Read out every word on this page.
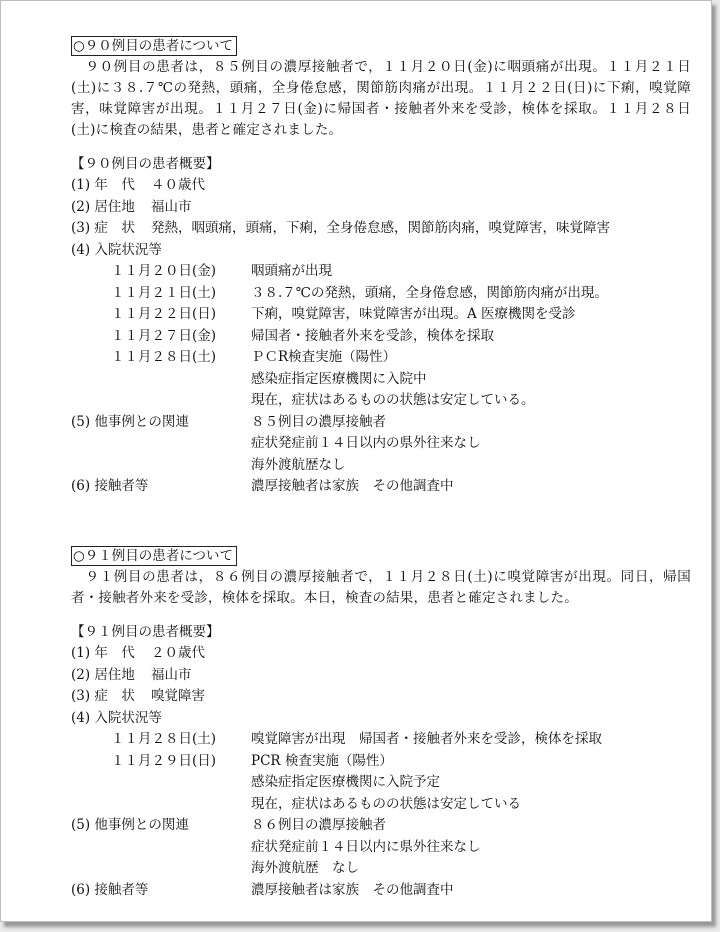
○９０例目の患者について

９０例目の患者は，８５例目の濃厚接触者で，１１月２０日(金)に咽頭痛が出現。１１月２１日(土)に３８.７℃の発熱，頭痛，全身倦怠感，関節筋肉痛が出現。１１月２２日(日)に下痢，嗅覚障害，味覚障害が出現。１１月２７日(金)に帰国者・接触者外来を受診，検体を採取。１１月２８日(土)に検査の結果，患者と確定されました。

【９０例目の患者概要】
(1) 年　代 ４０歳代
(2) 居住地 福山市
(3) 症　状 発熱，咽頭痛，頭痛，下痢，全身倦怠感，関節筋肉痛，嗅覚障害，味覚障害
(4) 入院状況等
１１月２０日(金)	咽頭痛が出現
１１月２１日(土)	３８.７℃の発熱，頭痛，全身倦怠感，関節筋肉痛が出現。
１１月２２日(日)	下痢，嗅覚障害，味覚障害が出現。A 医療機関を受診
１１月２７日(金)	帰国者・接触者外来を受診，検体を採取
１１月２８日(土)	ＰＣR検査実施（陽性）
感染症指定医療機関に入院中
現在，症状はあるものの状態は安定している。
(5) 他事例との関連	８５例目の濃厚接触者
症状発症前１４日以内の県外往来なし
海外渡航歴なし
(6) 接触者等	濃厚接触者は家族　その他調査中
○９１例目の患者について

９１例目の患者は，８６例目の濃厚接触者で，１１月２８日(土)に嗅覚障害が出現。同日，帰国者・接触者外来を受診，検体を採取。本日，検査の結果，患者と確定されました。

【９１例目の患者概要】
(1) 年　代 ２０歳代
(2) 居住地 福山市
(3) 症　状 嗅覚障害
(4) 入院状況等
１１月２８日(土)	嗅覚障害が出現　帰国者・接触者外来を受診，検体を採取
１１月２９日(日)	PCR 検査実施（陽性）
感染症指定医療機関に入院予定
現在，症状はあるものの状態は安定している
(5) 他事例との関連	８６例目の濃厚接触者
症状発症前１４日以内に県外往来なし
海外渡航歴　なし
(6) 接触者等	濃厚接触者は家族　その他調査中
